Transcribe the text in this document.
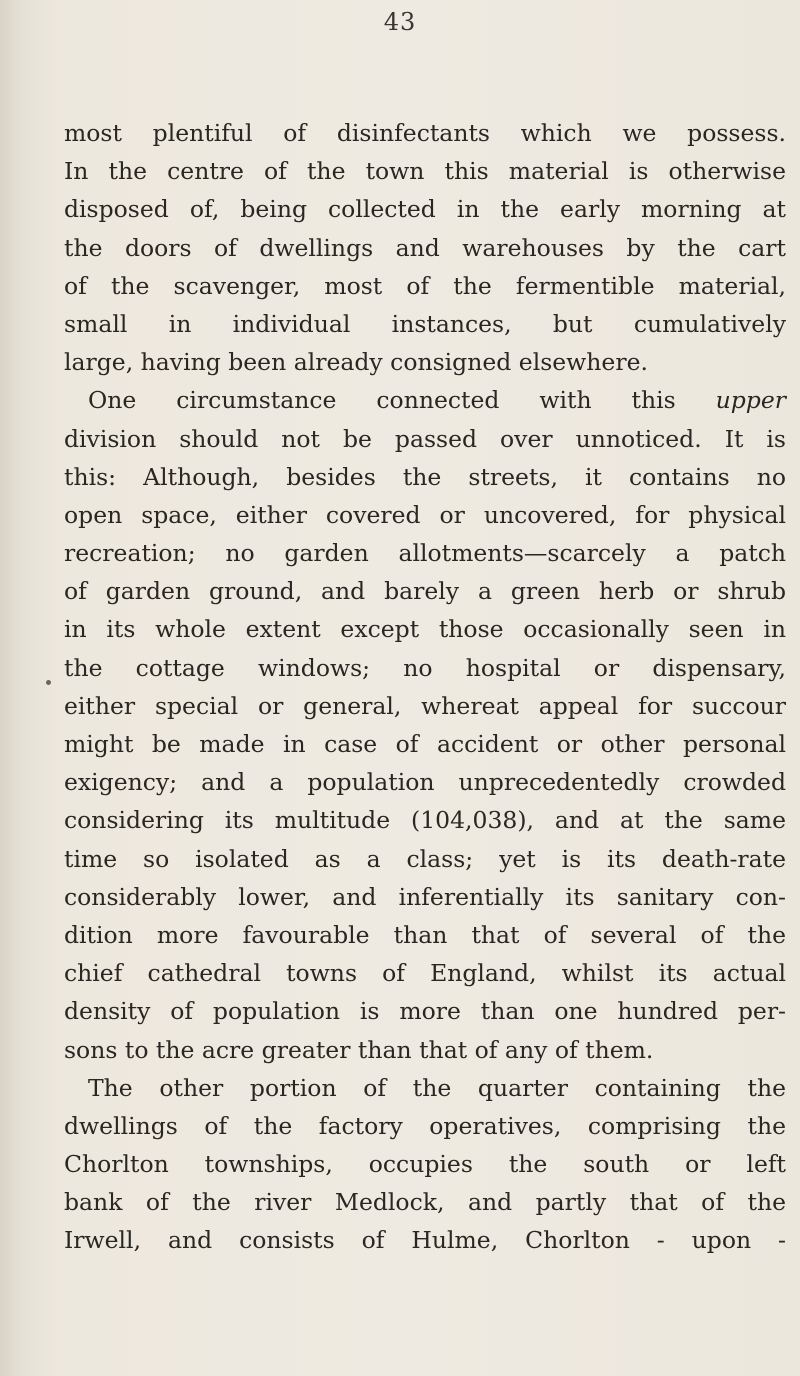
43
most plentiful of disinfectants which we possess.
In the centre of the town this material is otherwise
disposed of, being collected in the early morning at
the doors of dwellings and warehouses by the cart
of the scavenger, most of the fermentible material,
small in individual instances, but cumulatively
large, having been already consigned elsewhere.
One circumstance connected with this upper
division should not be passed over unnoticed. It is
this: Although, besides the streets, it contains no
open space, either covered or uncovered, for physical
recreation; no garden allotments—scarcely a patch
of garden ground, and barely a green herb or shrub
in its whole extent except those occasionally seen in
the cottage windows; no hospital or dispensary,
either special or general, whereat appeal for succour
might be made in case of accident or other personal
exigency; and a population unprecedentedly crowded
considering its multitude (104,038), and at the same
time so isolated as a class; yet is its death-rate
considerably lower, and inferentially its sanitary con-
dition more favourable than that of several of the
chief cathedral towns of England, whilst its actual
density of population is more than one hundred per-
sons to the acre greater than that of any of them.
The other portion of the quarter containing the
dwellings of the factory operatives, comprising the
Chorlton townships, occupies the south or left
bank of the river Medlock, and partly that of the
Irwell, and consists of Hulme, Chorlton - upon -
